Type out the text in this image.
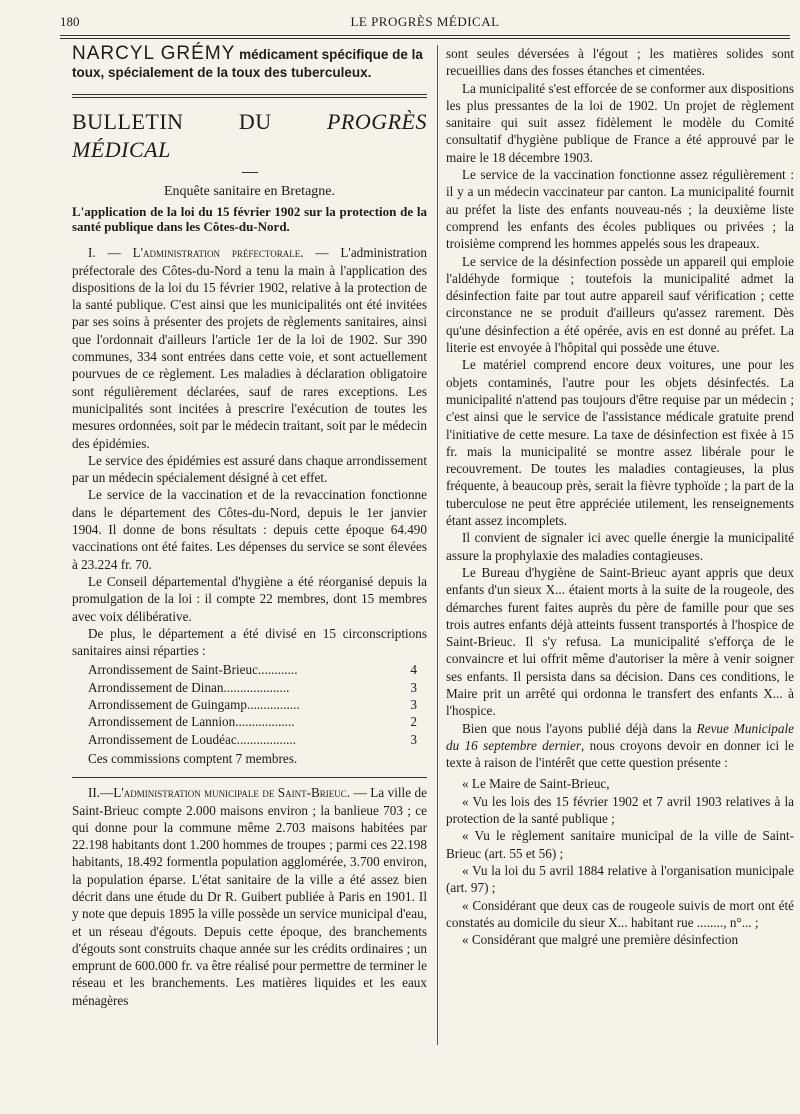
180	LE PROGRÈS MÉDICAL
NARCYL GRÉMY médicament spécifique de la toux, spécialement de la toux des tuberculeux.
BULLETIN DU	PROGRÈS MÉDICAL
Enquête sanitaire en Bretagne.
L'application de la loi du 15 février 1902 sur la protection de la santé publique dans les Côtes-du-Nord.

I. — L'administration préfectorale. — L'administration préfectorale des Côtes-du-Nord a tenu la main à l'application des dispositions de la loi du 15 février 1902, relative à la protection de la santé publique. C'est ainsi que les municipalités ont été invitées par ses soins à présenter des projets de règlements sanitaires, ainsi que l'ordonnait d'ailleurs l'article 1er de la loi de 1902. Sur 390 communes, 334 sont entrées dans cette voie, et sont actuellement pourvues de ce règlement. Les maladies à déclaration obligatoire sont régulièrement déclarées, sauf de rares exceptions. Les municipalités sont incitées à prescrire l'exécution de toutes les mesures ordonnées, soit par le médecin traitant, soit par le médecin des épidémies.

Le service des épidémies est assuré dans chaque arrondissement par un médecin spécialement désigné à cet effet.

Le service de la vaccination et de la revaccination fonctionne dans le département des Côtes-du-Nord, depuis le 1er janvier 1904. Il donne de bons résultats : depuis cette époque 64.490 vaccinations ont été faites. Les dépenses du service se sont élevées à 23.224 fr. 70.

Le Conseil départemental d'hygiène a été réorganisé depuis la promulgation de la loi : il compte 22 membres, dont 15 membres avec voix délibérative.

De plus, le département a été divisé en 15 circonscriptions sanitaires ainsi réparties :

Arrondissement de Saint-Brieuc............	4
Arrondissement de Dinan....................	3
Arrondissement de Guingamp................	3
Arrondissement de Lannion..................	2
Arrondissement de Loudéac..................	3

Ces commissions comptent 7 membres.

II.—L'administration municipale de Saint-Brieuc. — La ville de Saint-Brieuc compte 2.000 maisons environ ; la banlieue 703 ; ce qui donne pour la commune même 2.703 maisons habitées par 22.198 habitants dont 1.200 hommes de troupes ; parmi ces 22.198 habitants, 18.492 formentla population agglomérée, 3.700 environ, la population éparse. L'état sanitaire de la ville a été assez bien décrit dans une étude du Dr R. Guibert publiée à Paris en 1901. Il y note que depuis 1895 la ville possède un service municipal d'eau, et un réseau d'égouts. Depuis cette époque, des branchements d'égouts sont construits chaque année sur les crédits ordinaires ; un emprunt de 600.000 fr. va être réalisé pour permettre de terminer le réseau et les branchements. Les matières liquides et les eaux ménagères

sont seules déversées à l'égout ; les matières solides sont recueillies dans des fosses étanches et cimentées.

La municipalité s'est efforcée de se conformer aux dispositions les plus pressantes de la loi de 1902. Un projet de règlement sanitaire qui suit assez fidèlement le modèle du Comité consultatif d'hygiène publique de France a été approuvé par le maire le 18 décembre 1903.

Le service de la vaccination fonctionne assez régulièrement : il y a un médecin vaccinateur par canton. La municipalité fournit au préfet la liste des enfants nouveau-nés ; la deuxième liste comprend les enfants des écoles publiques ou privées ; la troisième comprend les hommes appelés sous les drapeaux.

Le service de la désinfection possède un appareil qui emploie l'aldéhyde formique ; toutefois la municipalité admet la désinfection faite par tout autre appareil sauf vérification ; cette circonstance ne se produit d'ailleurs qu'assez rarement. Dès qu'une désinfection a été opérée, avis en est donné au préfet. La literie est envoyée à l'hôpital qui possède une étuve.

Le matériel comprend encore deux voitures, une pour les objets contaminés, l'autre pour les objets désinfectés. La municipalité n'attend pas toujours d'être requise par un médecin ; c'est ainsi que le service de l'assistance médicale gratuite prend l'initiative de cette mesure. La taxe de désinfection est fixée à 15 fr. mais la municipalité se montre assez libérale pour le recouvrement. De toutes les maladies contagieuses, la plus fréquente, à beaucoup près, serait la fièvre typhoïde ; la part de la tuberculose ne peut être appréciée utilement, les renseignements étant assez incomplets.

Il convient de signaler ici avec quelle énergie la municipalité assure la prophylaxie des maladies contagieuses.

Le Bureau d'hygiène de Saint-Brieuc ayant appris que deux enfants d'un sieux X... étaient morts à la suite de la rougeole, des démarches furent faites auprès du père de famille pour que ses trois autres enfants déjà atteints fussent transportés à l'hospice de Saint-Brieuc. Il s'y refusa. La municipalité s'efforça de le convaincre et lui offrit même d'autoriser la mère à venir soigner ses enfants. Il persista dans sa décision. Dans ces conditions, le Maire prit un arrêté qui ordonna le transfert des enfants X... à l'hospice.

Bien que nous l'ayons publié déjà dans la Revue Municipale du 16 septembre dernier, nous croyons devoir en donner ici le texte à raison de l'intérêt que cette question présente :

« Le Maire de Saint-Brieuc,

« Vu les lois des 15 février 1902 et 7 avril 1903 relatives à la protection de la santé publique ;

« Vu le règlement sanitaire municipal de la ville de Saint-Brieuc (art. 55 et 56) ;

« Vu la loi du 5 avril 1884 relative à l'organisation municipale (art. 97) ;

« Considérant que deux cas de rougeole suivis de mort ont été constatés au domicile du sieur X... habitant rue ........, n°... ;

« Considérant que malgré une première désinfection
